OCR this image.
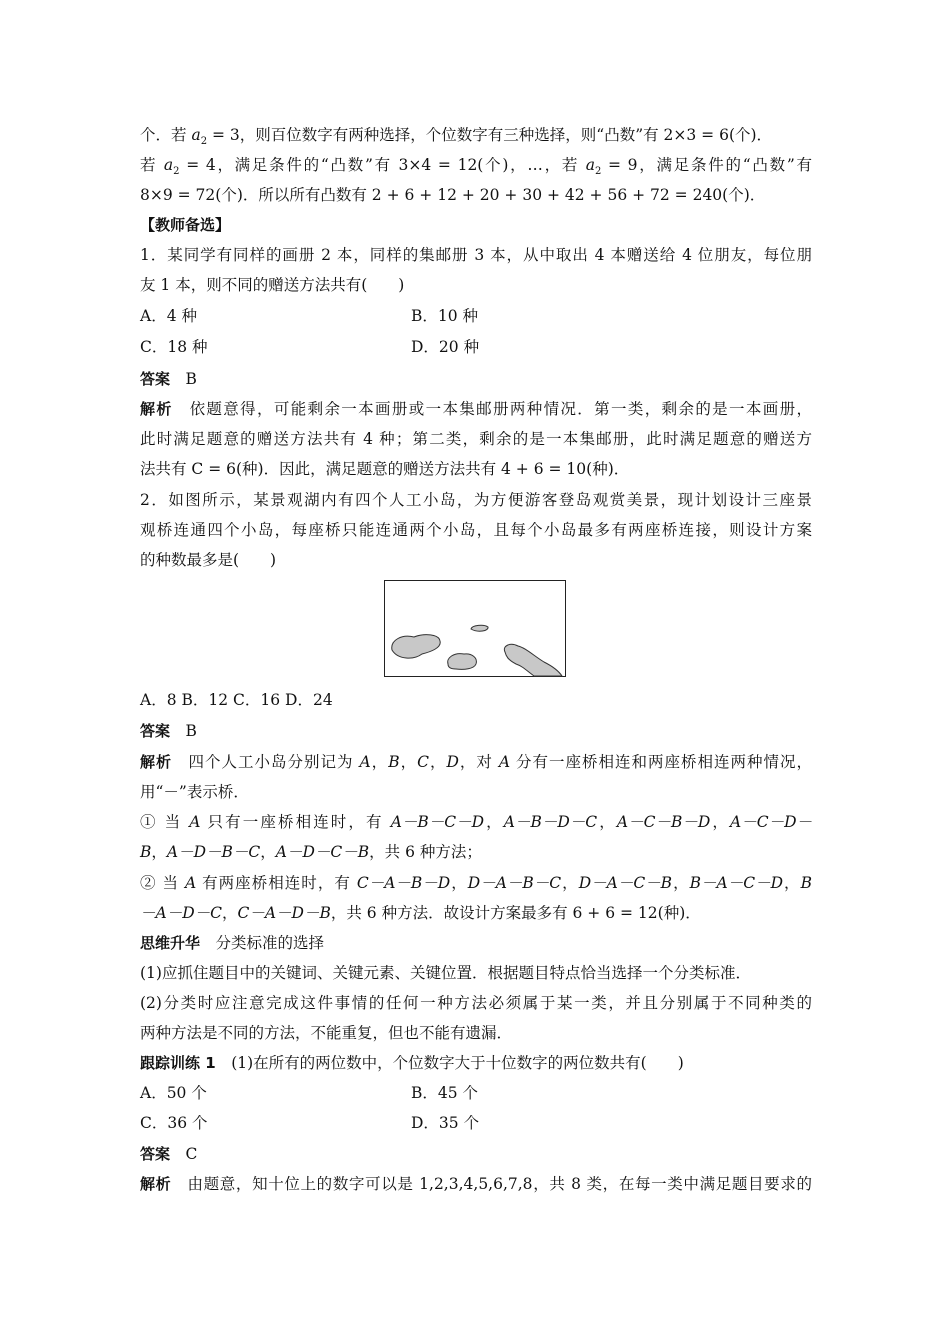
个．若 $a_2 = 3$，则百位数字有两种选择，个位数字有三种选择，则“凸数”有 2×3 = 6(个)．
若 $a_2 = 4$，满足条件的“凸数”有 3×4 = 12(个)，…，若 $a_2 = 9$，满足条件的“凸数”有
8×9 = 72(个)．所以所有凸数有 2 + 6 + 12 + 20 + 30 + 42 + 56 + 72 = 240(个)．
【教师备选】
1．某同学有同样的画册 2 本，同样的集邮册 3 本，从中取出 4 本赠送给 4 位朋友，每位朋
友 1 本，则不同的赠送方法共有(　　)
A．4 种	B．10 种
C．18 种	D．20 种
答案　 B
解析　 依题意得，可能剩余一本画册或一本集邮册两种情况．第一类，剩余的是一本画册，
此时满足题意的赠送方法共有 4 种；第二类，剩余的是一本集邮册，此时满足题意的赠送方
法共有 C = 6(种)．因此，满足题意的赠送方法共有 4 + 6 = 10(种)．
2．如图所示，某景观湖内有四个人工小岛，为方便游客登岛观赏美景，现计划设计三座景
观桥连通四个小岛，每座桥只能连通两个小岛，且每个小岛最多有两座桥连接，则设计方案
的种数最多是(　　)
A．8 B．12 C．16 D．24
答案　 B
解析　 四个人工小岛分别记为 A，B，C，D，对 A 分有一座桥相连和两座桥相连两种情况，
用“－”表示桥．
① 当 A 只有一座桥相连时，有 A－B－C－D，A－B－D－C，A－C－B－D，A－C－D－
B，A－D－B－C，A－D－C－B，共 6 种方法；
② 当 A 有两座桥相连时，有 C－A－B－D，D－A－B－C，D－A－C－B，B－A－C－D，B
－A－D－C，C－A－D－B，共 6 种方法．故设计方案最多有 6 + 6 = 12(种)．
思维升华　 分类标准的选择
(1)应抓住题目中的关键词、关键元素、关键位置．根据题目特点恰当选择一个分类标准．
(2)分类时应注意完成这件事情的任何一种方法必须属于某一类，并且分别属于不同种类的
两种方法是不同的方法，不能重复，但也不能有遗漏．
跟踪训练 1　 (1)在所有的两位数中，个位数字大于十位数字的两位数共有(　　)
A．50 个	B．45 个
C．36 个	D．35 个
答案　 C
解析　 由题意，知十位上的数字可以是 1,2,3,4,5,6,7,8，共 8 类，在每一类中满足题目要求的
